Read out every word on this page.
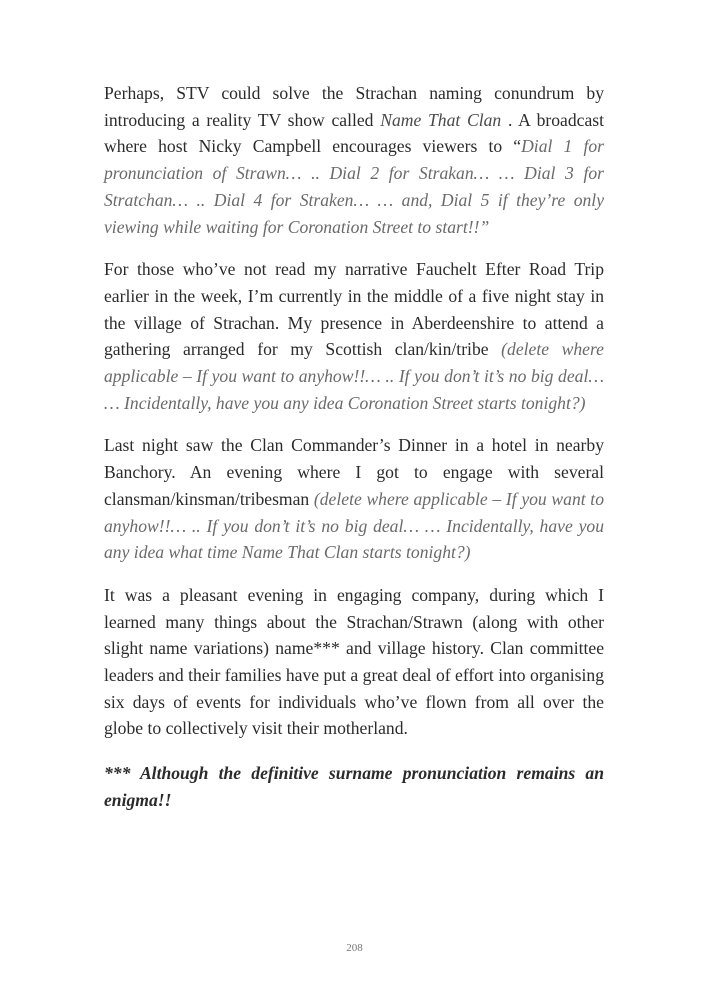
Perhaps, STV could solve the Strachan naming conundrum by introducing a reality TV show called Name That Clan . A broadcast where host Nicky Campbell encourages viewers to “Dial 1 for pronunciation of Strawn… .. Dial 2 for Strakan… … Dial 3 for Stratchan… .. Dial 4 for Straken… … and, Dial 5 if they’re only viewing while waiting for Coronation Street to start!!”

For those who’ve not read my narrative Fauchelt Efter Road Trip earlier in the week, I’m currently in the middle of a five night stay in the village of Strachan. My presence in Aberdeenshire to attend a gathering arranged for my Scottish clan/kin/tribe (delete where applicable – If you want to anyhow!!… .. If you don’t it’s no big deal… … Incidentally, have you any idea Coronation Street starts tonight?)

Last night saw the Clan Commander’s Dinner in a hotel in nearby Banchory. An evening where I got to engage with several clansman/kinsman/tribesman (delete where applicable – If you want to anyhow!!… .. If you don’t it’s no big deal… … Incidentally, have you any idea what time Name That Clan starts tonight?)

It was a pleasant evening in engaging company, during which I learned many things about the Strachan/Strawn (along with other slight name variations) name*** and village history. Clan committee leaders and their families have put a great deal of effort into organising six days of events for individuals who’ve flown from all over the globe to collectively visit their motherland.

*** Although the definitive surname pronunciation remains an enigma!!

208
